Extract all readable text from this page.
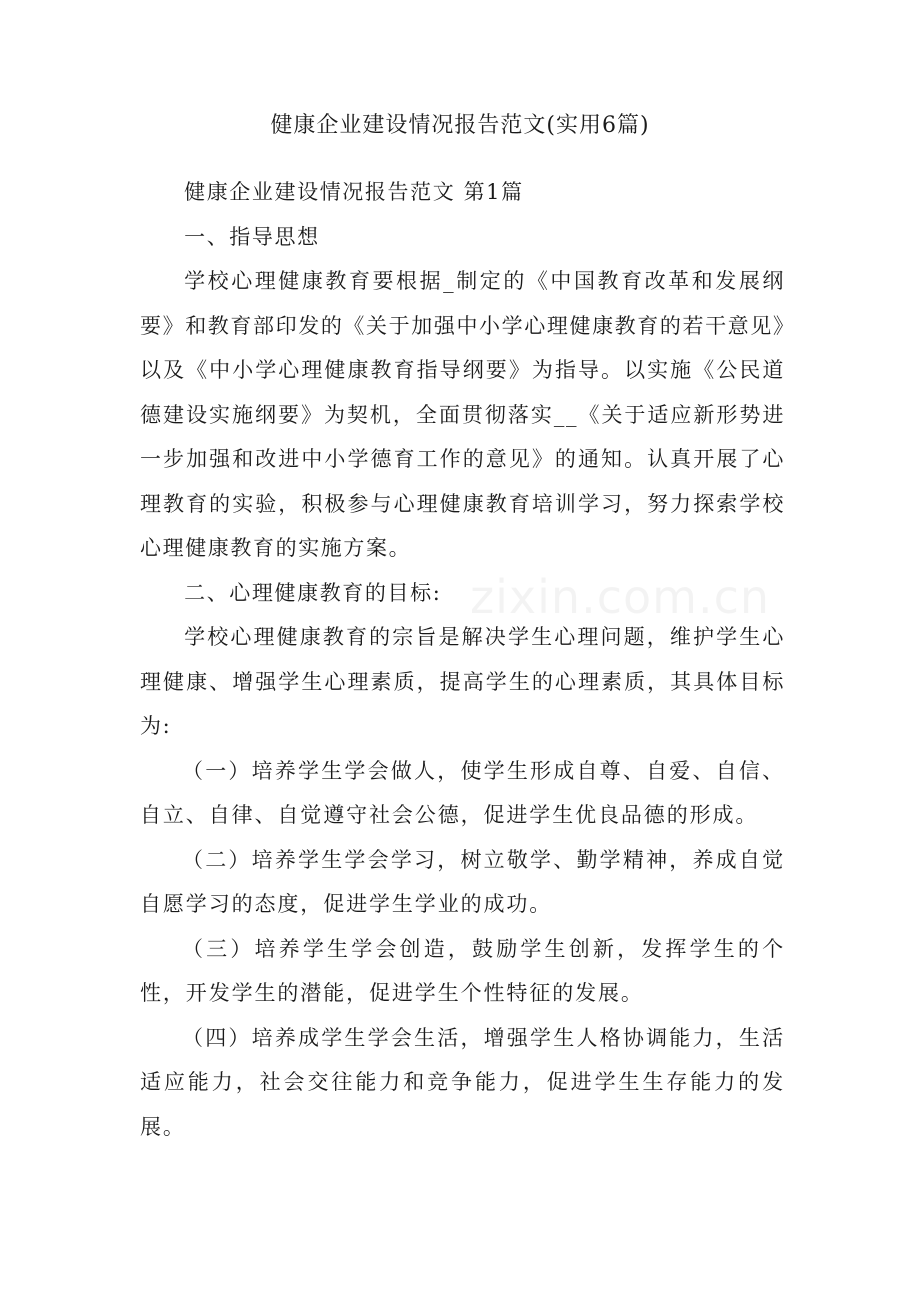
健康企业建设情况报告范文(实用6篇)

健康企业建设情况报告范文 第1篇

一、指导思想

学校心理健康教育要根据_制定的《中国教育改革和发展纲要》和教育部印发的《关于加强中小学心理健康教育的若干意见》以及《中小学心理健康教育指导纲要》为指导。以实施《公民道德建设实施纲要》为契机，全面贯彻落实__《关于适应新形势进一步加强和改进中小学德育工作的意见》的通知。认真开展了心理教育的实验，积极参与心理健康教育培训学习，努力探索学校心理健康教育的实施方案。

二、心理健康教育的目标:

学校心理健康教育的宗旨是解决学生心理问题，维护学生心理健康、增强学生心理素质，提高学生的心理素质，其具体目标为:

（一）培养学生学会做人，使学生形成自尊、自爱、自信、自立、自律、自觉遵守社会公德，促进学生优良品德的形成。

（二）培养学生学会学习，树立敬学、勤学精神，养成自觉自愿学习的态度，促进学生学业的成功。

（三）培养学生学会创造，鼓励学生创新，发挥学生的个性，开发学生的潜能，促进学生个性特征的发展。

（四）培养成学生学会生活，增强学生人格协调能力，生活适应能力，社会交往能力和竞争能力，促进学生生存能力的发展。
